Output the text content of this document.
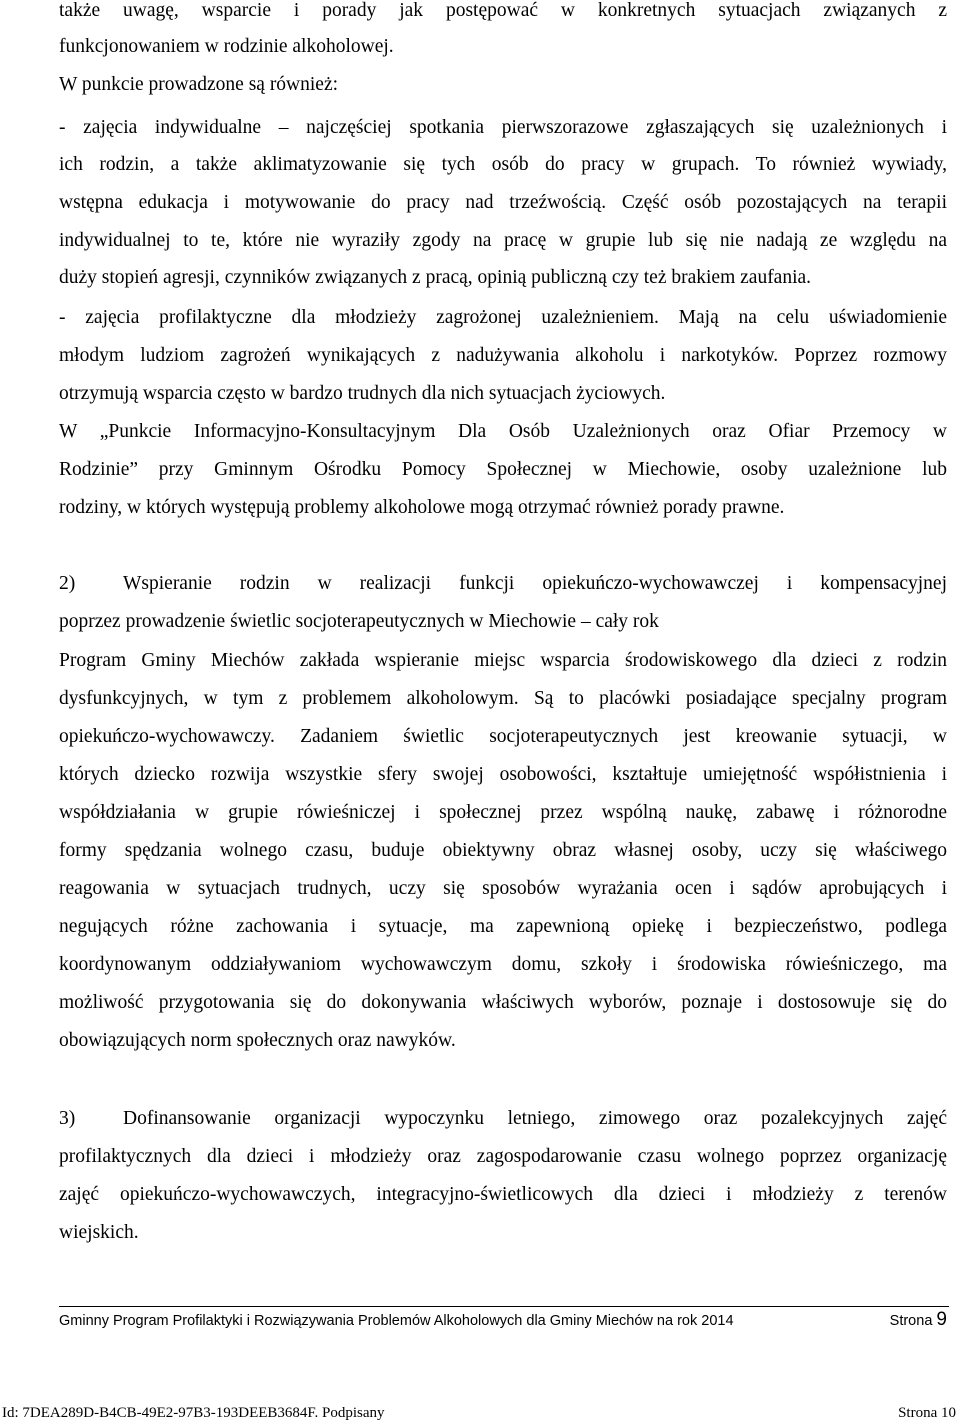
także uwagę, wsparcie i porady jak postępować w konkretnych sytuacjach związanych z
funkcjonowaniem w rodzinie alkoholowej.
W punkcie prowadzone są również:
- zajęcia indywidualne – najczęściej spotkania pierwszorazowe zgłaszających się uzależnionych i
ich rodzin, a także aklimatyzowanie się tych osób do pracy w grupach. To również wywiady,
wstępna edukacja i motywowanie do pracy nad trzeźwością. Część osób pozostających na terapii
indywidualnej to te, które nie wyraziły zgody na pracę w grupie lub się nie nadają ze względu na
duży stopień agresji, czynników związanych z pracą, opinią publiczną czy też brakiem zaufania.
- zajęcia profilaktyczne dla młodzieży zagrożonej uzależnieniem. Mają na celu uświadomienie
młodym ludziom zagrożeń wynikających z nadużywania alkoholu i narkotyków. Poprzez rozmowy
otrzymują wsparcia często w bardzo trudnych dla nich sytuacjach życiowych.
W „Punkcie Informacyjno-Konsultacyjnym Dla Osób Uzależnionych oraz Ofiar Przemocy w
Rodzinie” przy Gminnym Ośrodku Pomocy Społecznej w Miechowie, osoby uzależnione lub
rodziny, w których występują problemy alkoholowe mogą otrzymać również porady prawne.
2)	Wspieranie rodzin w realizacji funkcji opiekuńczo-wychowawczej i kompensacyjnej
poprzez prowadzenie świetlic socjoterapeutycznych w Miechowie – cały rok
Program Gminy Miechów zakłada wspieranie miejsc wsparcia środowiskowego dla dzieci z rodzin
dysfunkcyjnych, w tym z problemem alkoholowym. Są to placówki posiadające specjalny program
opiekuńczo-wychowawczy. Zadaniem świetlic socjoterapeutycznych jest kreowanie sytuacji, w
których dziecko rozwija wszystkie sfery swojej osobowości, kształtuje umiejętność współistnienia i
współdziałania w grupie rówieśniczej i społecznej przez wspólną naukę, zabawę i różnorodne
formy spędzania wolnego czasu, buduje obiektywny obraz własnej osoby, uczy się właściwego
reagowania w sytuacjach trudnych, uczy się sposobów wyrażania ocen i sądów aprobujących i
negujących różne zachowania i sytuacje, ma zapewnioną opiekę i bezpieczeństwo, podlega
koordynowanym oddziaływaniom wychowawczym domu, szkoły i środowiska rówieśniczego, ma
możliwość przygotowania się do dokonywania właściwych wyborów, poznaje i dostosowuje się do
obowiązujących norm społecznych oraz nawyków.
3)	Dofinansowanie organizacji wypoczynku letniego, zimowego oraz pozalekcyjnych zajęć
profilaktycznych dla dzieci i młodzieży oraz zagospodarowanie czasu wolnego poprzez organizację
zajęć opiekuńczo-wychowawczych, integracyjno-świetlicowych dla dzieci i młodzieży z terenów
wiejskich.
Gminny Program Profilaktyki i Rozwiązywania Problemów Alkoholowych dla Gminy Miechów na rok 2014	Strona 9
Id: 7DEA289D-B4CB-49E2-97B3-193DEEB3684F. Podpisany	Strona 10
